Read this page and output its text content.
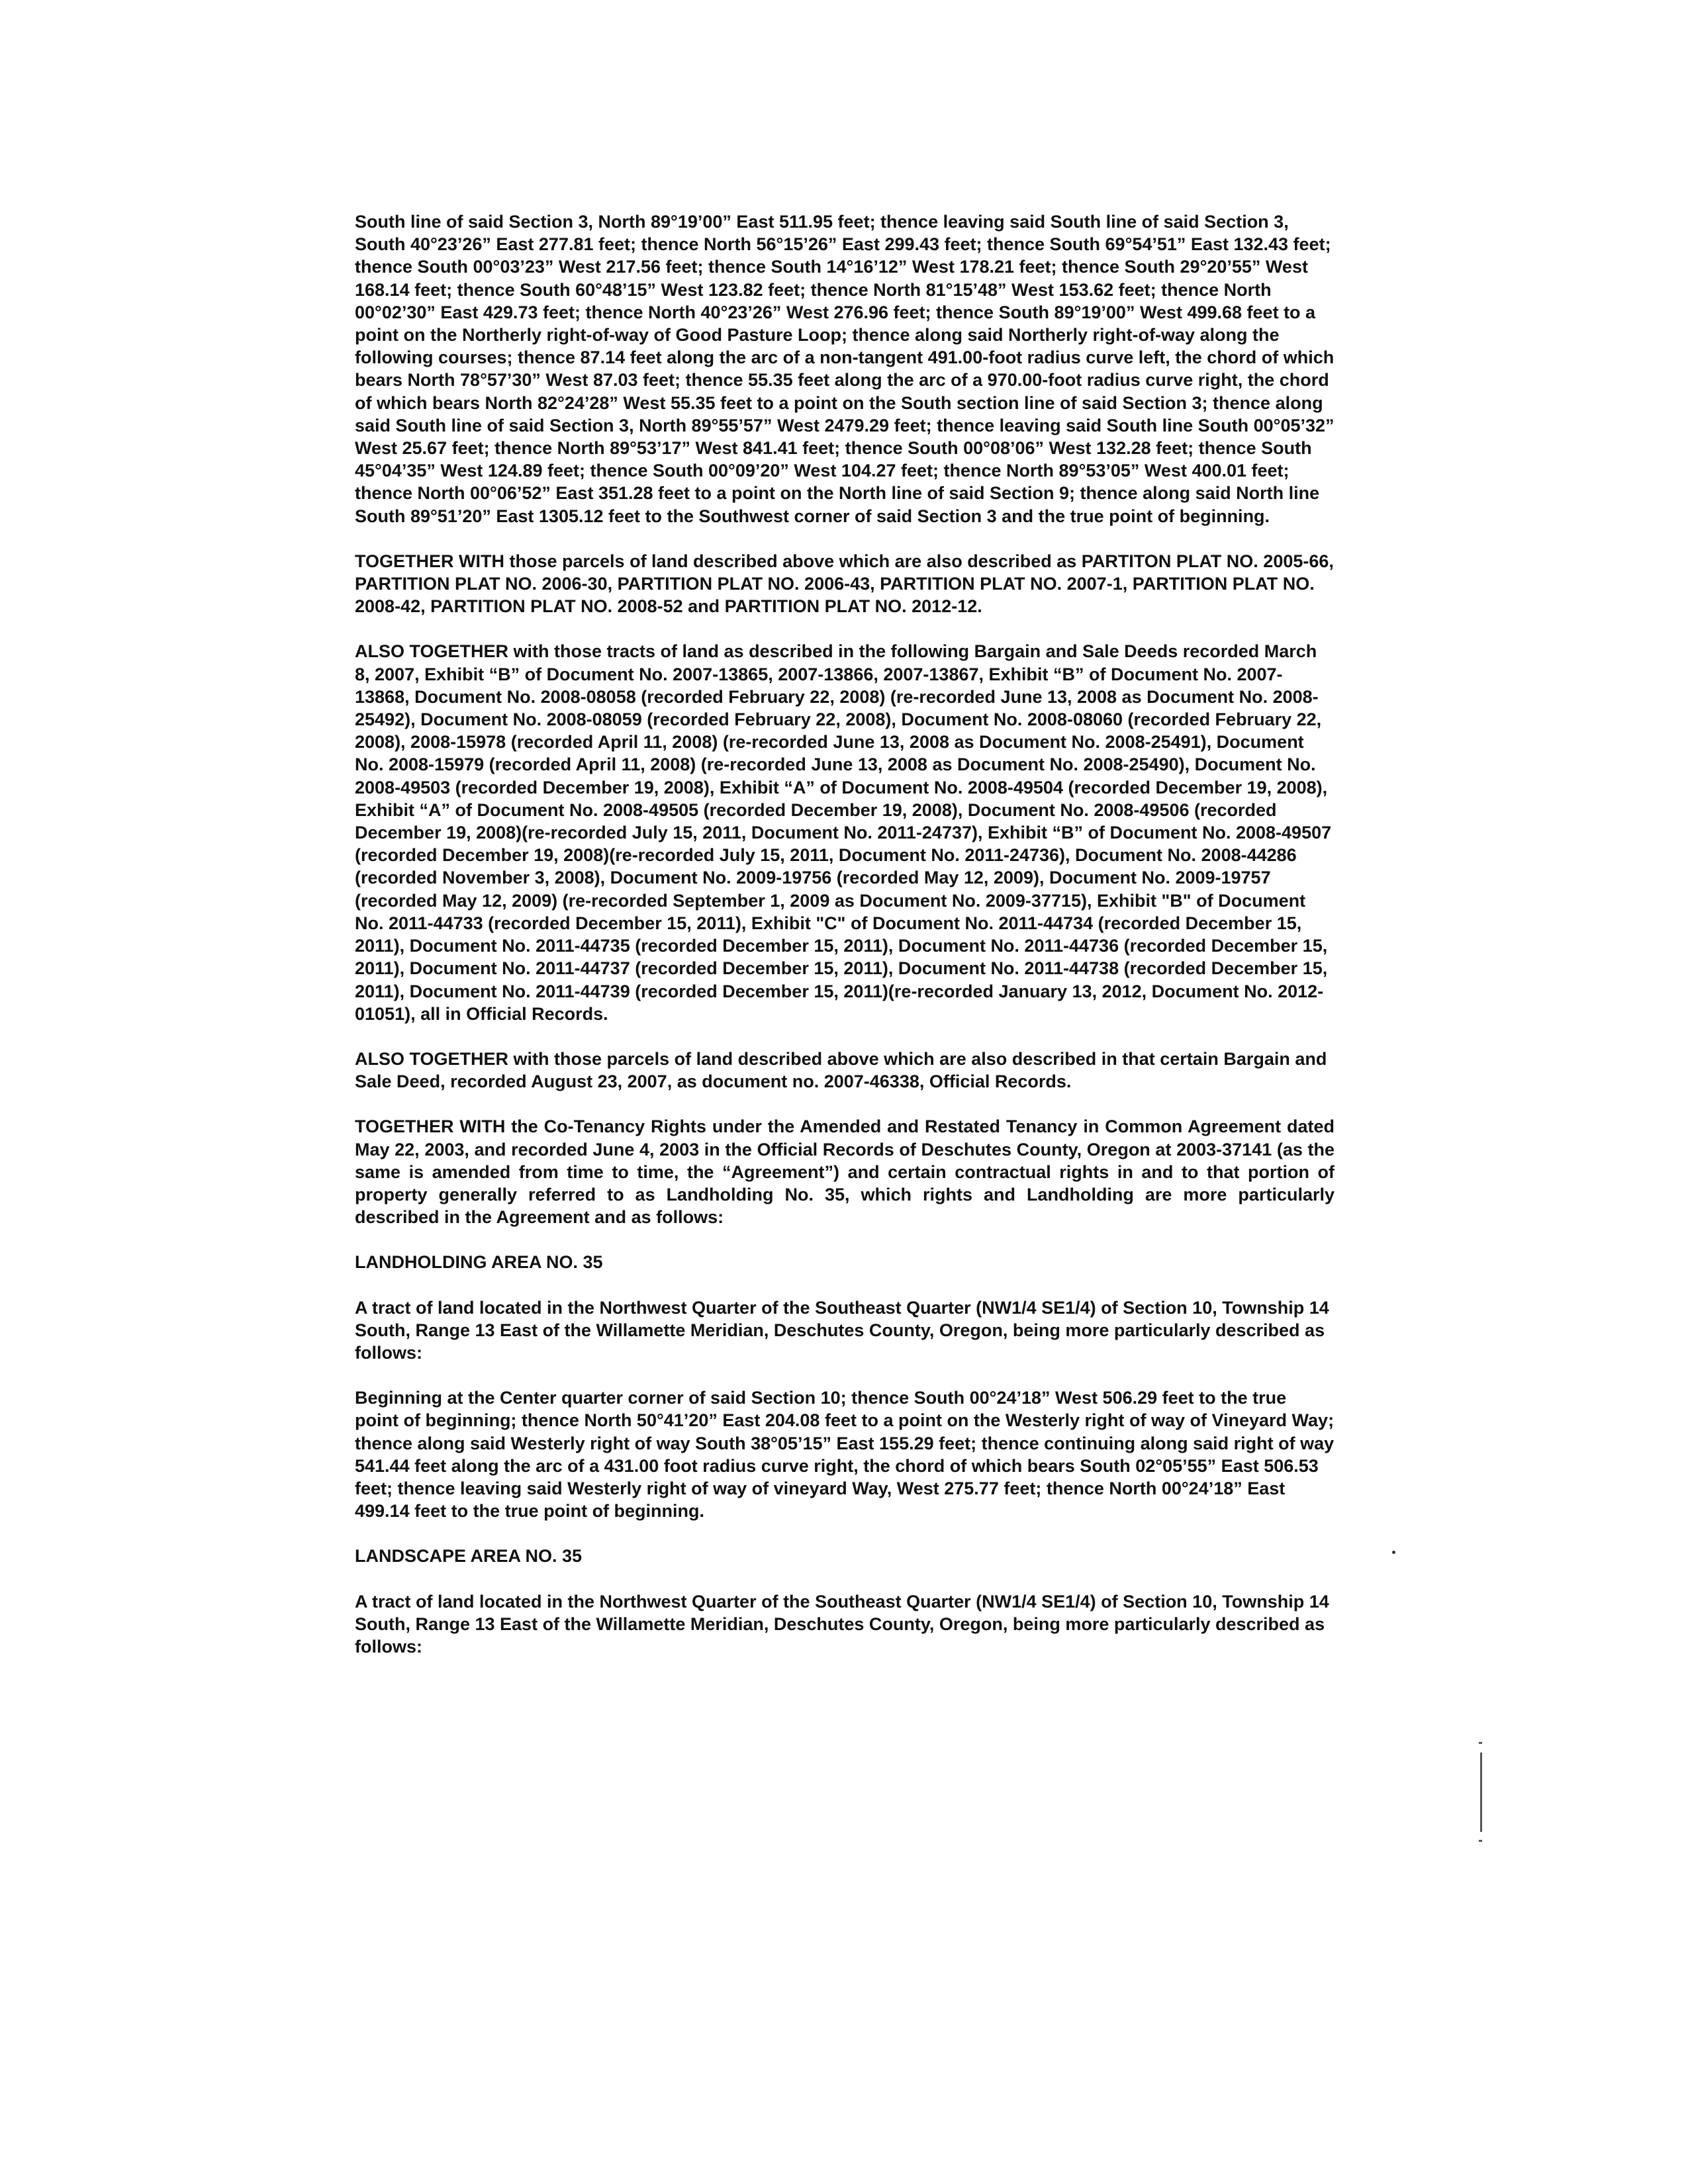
South line of said Section 3, North 89°19’00” East 511.95 feet; thence leaving said South line of said Section 3, South 40°23’26” East 277.81 feet; thence North 56°15’26” East 299.43 feet; thence South 69°54’51” East 132.43 feet; thence South 00°03’23” West 217.56 feet; thence South 14°16’12” West 178.21 feet; thence South 29°20’55” West 168.14 feet; thence South 60°48’15” West 123.82 feet; thence North 81°15’48” West 153.62 feet; thence North 00°02’30” East 429.73 feet; thence North 40°23’26” West 276.96 feet; thence South 89°19’00” West 499.68 feet to a point on the Northerly right-of-way of Good Pasture Loop; thence along said Northerly right-of-way along the following courses; thence 87.14 feet along the arc of a non-tangent 491.00-foot radius curve left, the chord of which bears North 78°57’30” West 87.03 feet; thence 55.35 feet along the arc of a 970.00-foot radius curve right, the chord of which bears North 82°24’28” West 55.35 feet to a point on the South section line of said Section 3; thence along said South line of said Section 3, North 89°55’57” West 2479.29 feet; thence leaving said South line South 00°05’32” West 25.67 feet; thence North 89°53’17” West 841.41 feet; thence South 00°08’06” West 132.28 feet; thence South 45°04’35” West 124.89 feet; thence South 00°09’20” West 104.27 feet; thence North 89°53’05” West 400.01 feet; thence North 00°06’52” East 351.28 feet to a point on the North line of said Section 9; thence along said North line South 89°51’20” East 1305.12 feet to the Southwest corner of said Section 3 and the true point of beginning.

TOGETHER WITH those parcels of land described above which are also described as PARTITON PLAT NO. 2005-66, PARTITION PLAT NO. 2006-30, PARTITION PLAT NO. 2006-43, PARTITION PLAT NO. 2007-1, PARTITION PLAT NO. 2008-42, PARTITION PLAT NO. 2008-52 and PARTITION PLAT NO. 2012-12.

ALSO TOGETHER with those tracts of land as described in the following Bargain and Sale Deeds recorded March 8, 2007, Exhibit “B” of Document No. 2007-13865, 2007-13866, 2007-13867, Exhibit “B” of Document No. 2007-13868, Document No. 2008-08058 (recorded February 22, 2008) (re-recorded June 13, 2008 as Document No. 2008-25492), Document No. 2008-08059 (recorded February 22, 2008), Document No. 2008-08060 (recorded February 22, 2008), 2008-15978 (recorded April 11, 2008) (re-recorded June 13, 2008 as Document No. 2008-25491), Document No. 2008-15979 (recorded April 11, 2008) (re-recorded June 13, 2008 as Document No. 2008-25490), Document No. 2008-49503 (recorded December 19, 2008), Exhibit “A” of Document No. 2008-49504 (recorded December 19, 2008), Exhibit “A” of Document No. 2008-49505 (recorded December 19, 2008), Document No. 2008-49506 (recorded December 19, 2008)(re-recorded July 15, 2011, Document No. 2011-24737), Exhibit “B” of Document No. 2008-49507 (recorded December 19, 2008)(re-recorded July 15, 2011, Document No. 2011-24736), Document No. 2008-44286 (recorded November 3, 2008), Document No. 2009-19756 (recorded May 12, 2009), Document No. 2009-19757 (recorded May 12, 2009) (re-recorded September 1, 2009 as Document No. 2009-37715), Exhibit "B" of Document No. 2011-44733 (recorded December 15, 2011), Exhibit "C" of Document No. 2011-44734 (recorded December 15, 2011), Document No. 2011-44735 (recorded December 15, 2011), Document No. 2011-44736 (recorded December 15, 2011), Document No. 2011-44737 (recorded December 15, 2011), Document No. 2011-44738 (recorded December 15, 2011), Document No. 2011-44739 (recorded December 15, 2011)(re-recorded January 13, 2012, Document No. 2012-01051), all in Official Records.

ALSO TOGETHER with those parcels of land described above which are also described in that certain Bargain and Sale Deed, recorded August 23, 2007, as document no. 2007-46338, Official Records.

TOGETHER WITH the Co-Tenancy Rights under the Amended and Restated Tenancy in Common Agreement dated May 22, 2003, and recorded June 4, 2003 in the Official Records of Deschutes County, Oregon at 2003-37141 (as the same is amended from time to time, the “Agreement”) and certain contractual rights in and to that portion of property generally referred to as Landholding No. 35, which rights and Landholding are more particularly described in the Agreement and as follows:

LANDHOLDING AREA NO. 35

A tract of land located in the Northwest Quarter of the Southeast Quarter (NW1/4 SE1/4) of Section 10, Township 14 South, Range 13 East of the Willamette Meridian, Deschutes County, Oregon, being more particularly described as follows:

Beginning at the Center quarter corner of said Section 10; thence South 00°24’18” West 506.29 feet to the true point of beginning; thence North 50°41’20” East 204.08 feet to a point on the Westerly right of way of Vineyard Way; thence along said Westerly right of way South 38°05’15” East 155.29 feet; thence continuing along said right of way 541.44 feet along the arc of a 431.00 foot radius curve right, the chord of which bears South 02°05’55” East 506.53 feet; thence leaving said Westerly right of way of vineyard Way, West 275.77 feet; thence North 00°24’18” East 499.14 feet to the true point of beginning.

LANDSCAPE AREA NO. 35

A tract of land located in the Northwest Quarter of the Southeast Quarter (NW1/4 SE1/4) of Section 10, Township 14 South, Range 13 East of the Willamette Meridian, Deschutes County, Oregon, being more particularly described as follows:
